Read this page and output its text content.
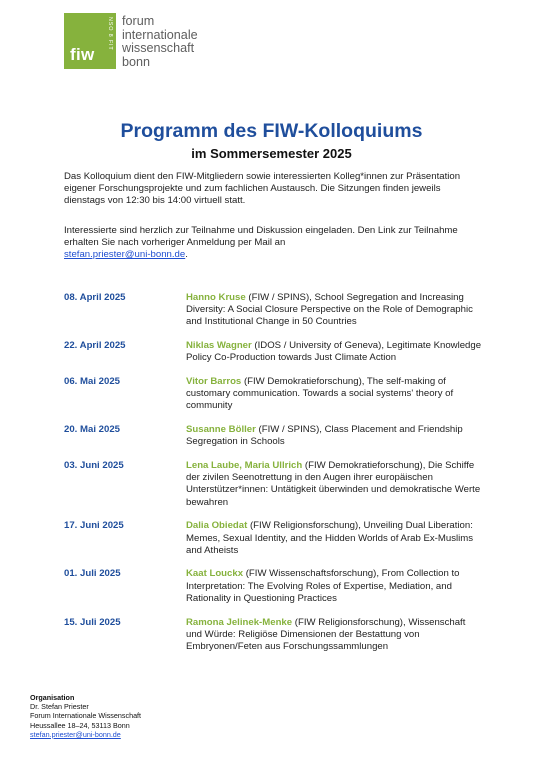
NSO 8 FIT
fiw
forum
internationale
wissenschaft
bonn
Programm des FIW-Kolloquiums
im Sommersemester 2025

Das Kolloquium dient den FIW-Mitgliedern sowie interessierten Kolleg*innen zur Präsentation eigener Forschungsprojekte und zum fachlichen Austausch. Die Sitzungen finden jeweils dienstags von 12:30 bis 14:00 virtuell statt.

Interessierte sind herzlich zur Teilnahme und Diskussion eingeladen. Den Link zur Teilnahme erhalten Sie nach vorheriger Anmeldung per Mail an
stefan.priester@uni-bonn.de.

08. April 2025	Hanno Kruse (FIW / SPINS), School Segregation and Increasing Diversity: A Social Closure Perspective on the Role of Demographic and Institutional Change in 50 Countries
22. April 2025	Niklas Wagner (IDOS / University of Geneva), Legitimate Knowledge Policy Co-Production towards Just Climate Action
06. Mai 2025	Vitor Barros (FIW Demokratieforschung), The self-making of customary communication. Towards a social systems' theory of community
20. Mai 2025	Susanne Böller (FIW / SPINS), Class Placement and Friendship Segregation in Schools
03. Juni 2025	Lena Laube, Maria Ullrich (FIW Demokratieforschung), Die Schiffe der zivilen Seenotrettung in den Augen ihrer europäischen Unterstützer*innen: Untätigkeit überwinden und demokratische Werte bewahren
17. Juni 2025	Dalia Obiedat (FIW Religionsforschung), Unveiling Dual Liberation: Memes, Sexual Identity, and the Hidden Worlds of Arab Ex-Muslims and Atheists
01. Juli 2025	Kaat Louckx (FIW Wissenschaftsforschung), From Collection to Interpretation: The Evolving Roles of Expertise, Mediation, and Rationality in Questioning Practices
15. Juli 2025	Ramona Jelinek-Menke (FIW Religionsforschung), Wissenschaft und Würde: Religiöse Dimensionen der Bestattung von Embryonen/Feten aus Forschungssammlungen
Organisation
Dr. Stefan Priester
Forum Internationale Wissenschaft
Heussallee 18–24, 53113 Bonn
stefan.priester@uni-bonn.de
